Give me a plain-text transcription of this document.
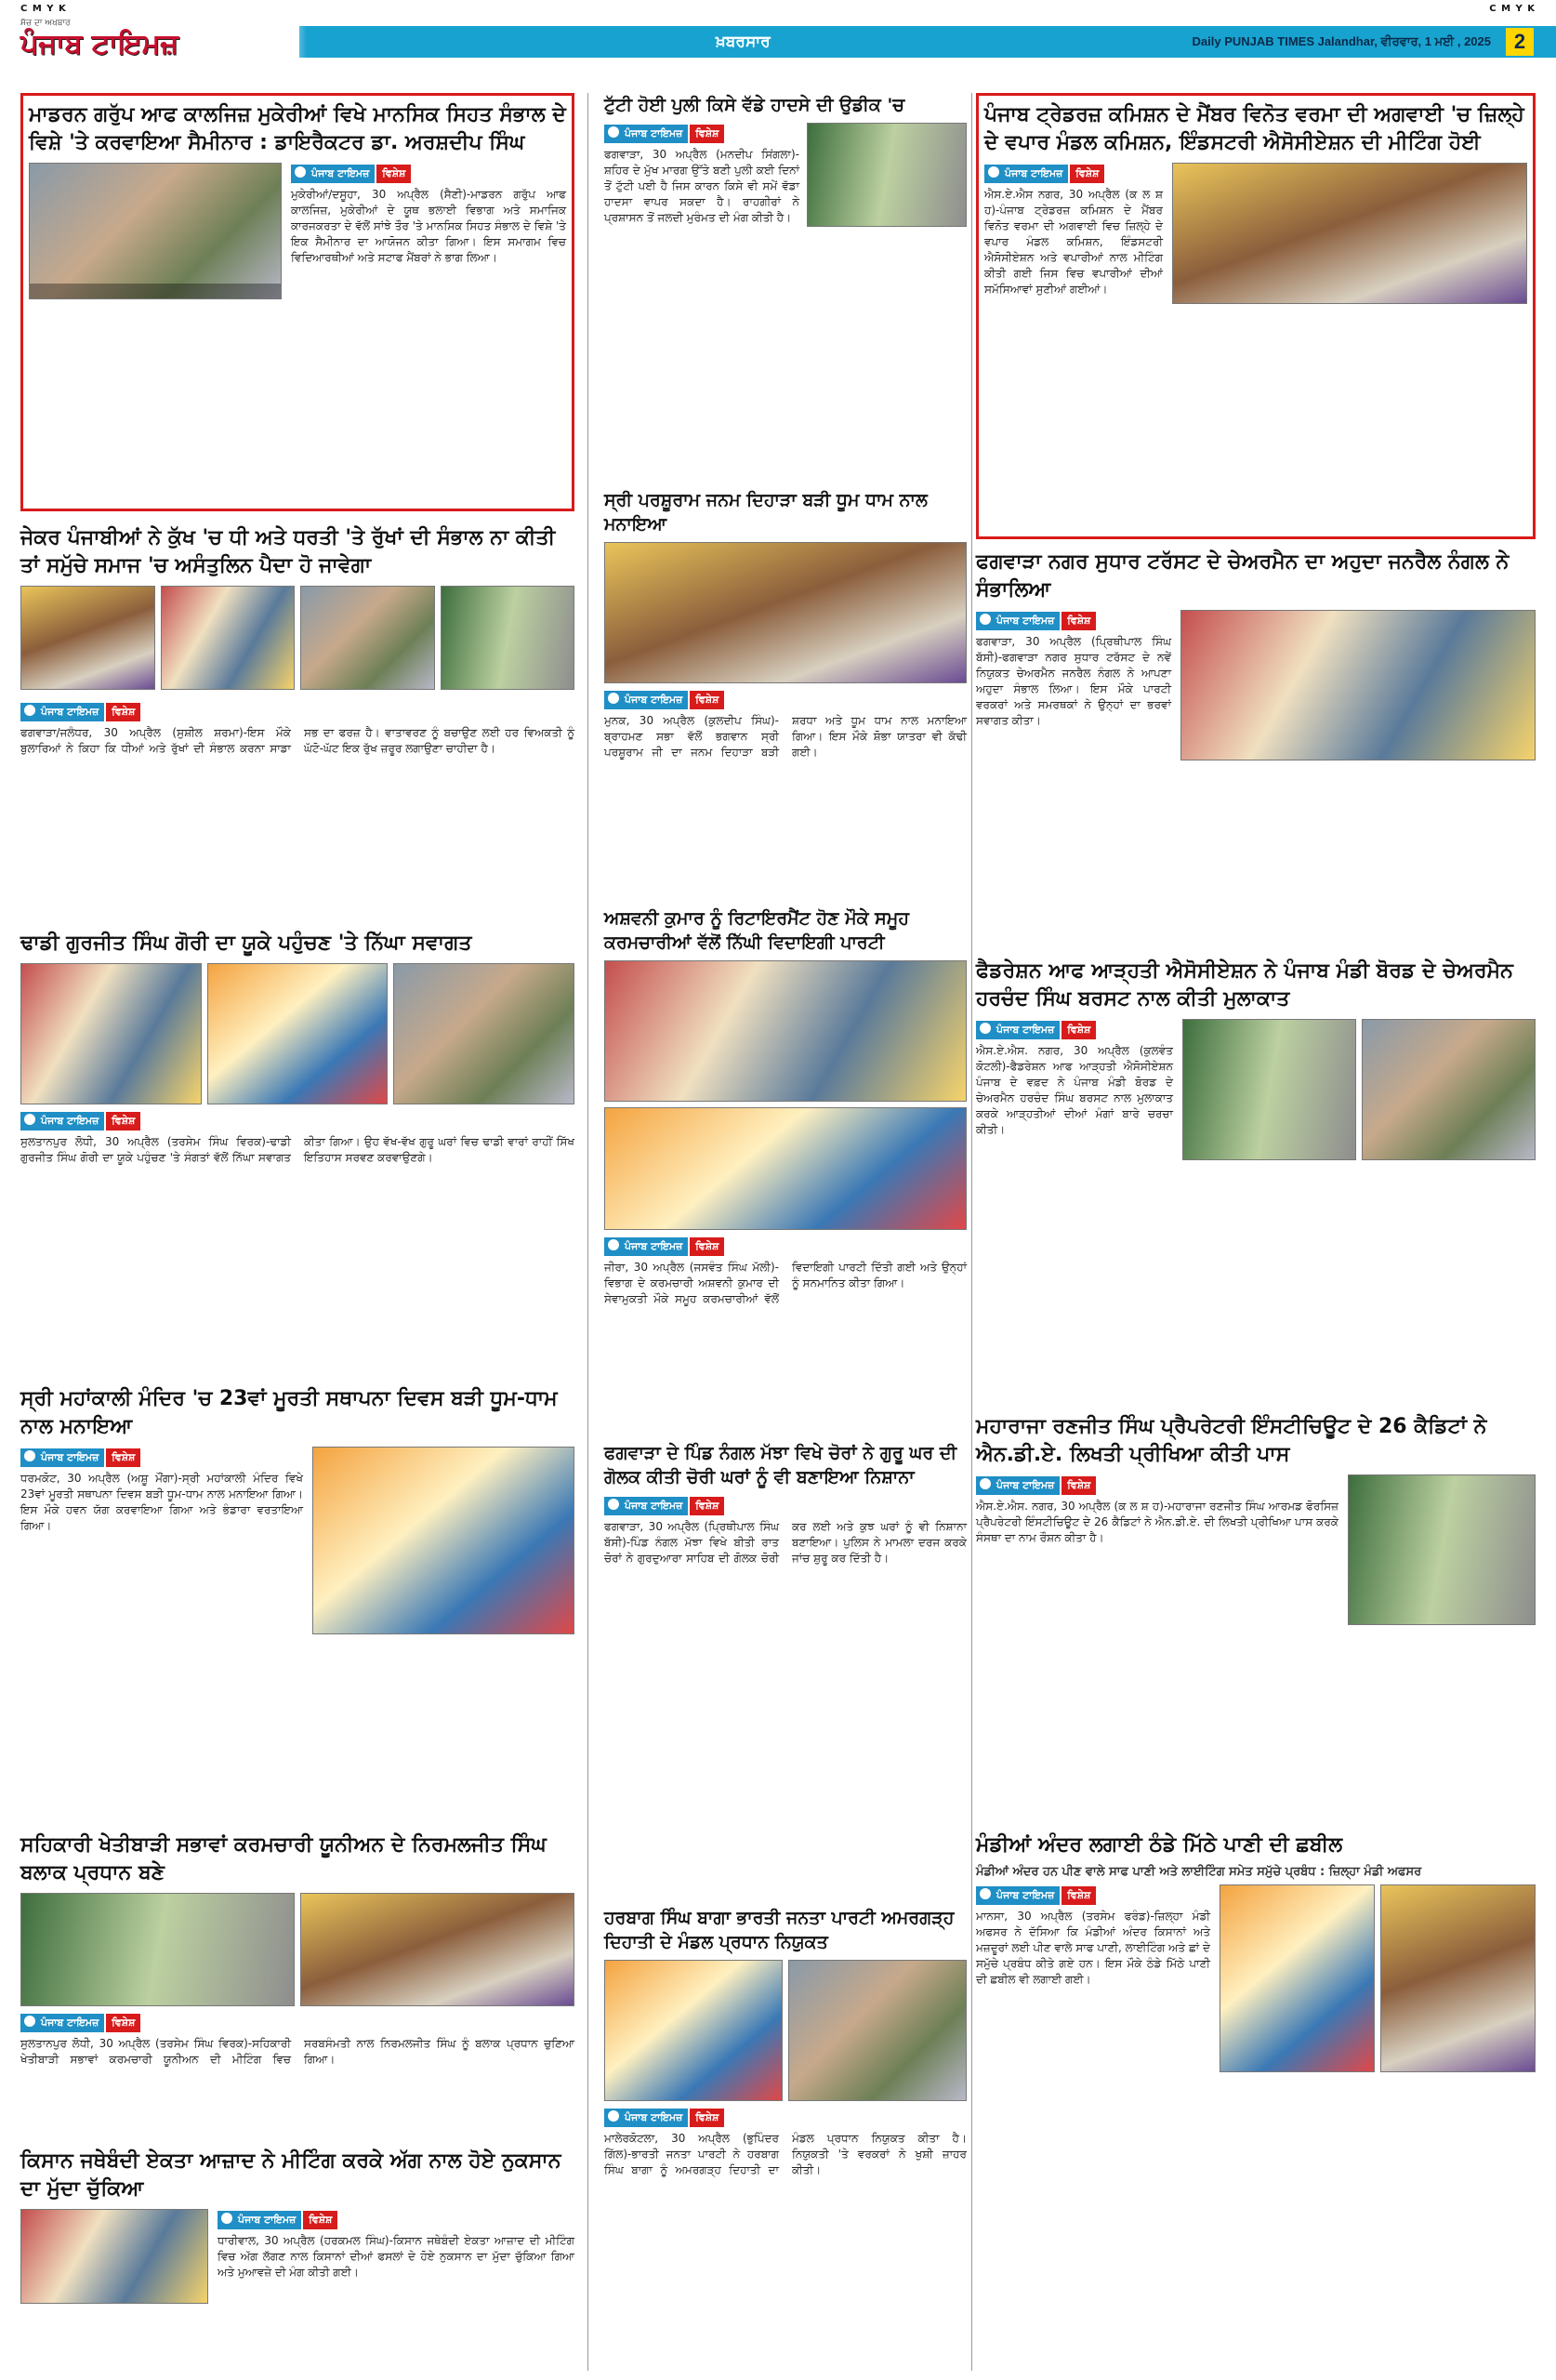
C M Y K	C M Y K
ਖ਼ਬਰਸਾਰ	Daily PUNJAB TIMES Jalandhar, ਵੀਰਵਾਰ, 1 ਮਈ , 2025	2
ਸੱਚ ਦਾ ਅਖਬਾਰ
ਪੰਜਾਬ ਟਾਇਮਜ਼
ਮਾਡਰਨ ਗਰੁੱਪ ਆਫ ਕਾਲਜਿਜ਼ ਮੁਕੇਰੀਆਂ ਵਿਖੇ ਮਾਨਸਿਕ ਸਿਹਤ ਸੰਭਾਲ ਦੇ ਵਿਸ਼ੇ 'ਤੇ ਕਰਵਾਇਆ ਸੈਮੀਨਾਰ : ਡਾਇਰੈਕਟਰ ਡਾ. ਅਰਸ਼ਦੀਪ ਸਿੰਘ
ਪੰਜਾਬ ਟਾਇਮਜ਼	ਵਿਸ਼ੇਸ਼
ਮੁਕੇਰੀਆਂ/ਦਸੂਹਾ, 30 ਅਪ੍ਰੈਲ (ਸੈਣੀ)-ਮਾਡਰਨ ਗਰੁੱਪ ਆਫ ਕਾਲਜਿਜ਼, ਮੁਕੇਰੀਆਂ ਦੇ ਯੂਥ ਭਲਾਈ ਵਿਭਾਗ ਅਤੇ ਸਮਾਜਿਕ ਕਾਰਜਕਰਤਾ ਦੇ ਵੱਲੋਂ ਸਾਂਝੇ ਤੌਰ 'ਤੇ ਮਾਨਸਿਕ ਸਿਹਤ ਸੰਭਾਲ ਦੇ ਵਿਸ਼ੇ 'ਤੇ ਇਕ ਸੈਮੀਨਾਰ ਦਾ ਆਯੋਜਨ ਕੀਤਾ ਗਿਆ। ਇਸ ਸਮਾਗਮ ਵਿਚ ਵਿਦਿਆਰਥੀਆਂ ਅਤੇ ਸਟਾਫ ਮੈਂਬਰਾਂ ਨੇ ਭਾਗ ਲਿਆ।
ਜੇਕਰ ਪੰਜਾਬੀਆਂ ਨੇ ਕੁੱਖ 'ਚ ਧੀ ਅਤੇ ਧਰਤੀ 'ਤੇ ਰੁੱਖਾਂ ਦੀ ਸੰਭਾਲ ਨਾ ਕੀਤੀ ਤਾਂ ਸਮੁੱਚੇ ਸਮਾਜ 'ਚ ਅਸੰਤੁਲਿਨ ਪੈਦਾ ਹੋ ਜਾਵੇਗਾ
ਪੰਜਾਬ ਟਾਇਮਜ਼	ਵਿਸ਼ੇਸ਼
ਫਗਵਾੜਾ/ਜਲੰਧਰ, 30 ਅਪ੍ਰੈਲ (ਸੁਸ਼ੀਲ ਸ਼ਰਮਾ)-ਇਸ ਮੌਕੇ ਬੁਲਾਰਿਆਂ ਨੇ ਕਿਹਾ ਕਿ ਧੀਆਂ ਅਤੇ ਰੁੱਖਾਂ ਦੀ ਸੰਭਾਲ ਕਰਨਾ ਸਾਡਾ ਸਭ ਦਾ ਫਰਜ਼ ਹੈ। ਵਾਤਾਵਰਣ ਨੂੰ ਬਚਾਉਣ ਲਈ ਹਰ ਵਿਅਕਤੀ ਨੂੰ ਘੱਟੋ-ਘੱਟ ਇਕ ਰੁੱਖ ਜ਼ਰੂਰ ਲਗਾਉਣਾ ਚਾਹੀਦਾ ਹੈ।
ਢਾਡੀ ਗੁਰਜੀਤ ਸਿੰਘ ਗੋਰੀ ਦਾ ਯੂਕੇ ਪਹੁੰਚਣ 'ਤੇ ਨਿੱਘਾ ਸਵਾਗਤ
ਪੰਜਾਬ ਟਾਇਮਜ਼	ਵਿਸ਼ੇਸ਼
ਸੁਲਤਾਨਪੁਰ ਲੋਧੀ, 30 ਅਪ੍ਰੈਲ (ਤਰਸੇਮ ਸਿੰਘ ਵਿਰਕ)-ਢਾਡੀ ਗੁਰਜੀਤ ਸਿੰਘ ਗੋਰੀ ਦਾ ਯੂਕੇ ਪਹੁੰਚਣ 'ਤੇ ਸੰਗਤਾਂ ਵੱਲੋਂ ਨਿੱਘਾ ਸਵਾਗਤ ਕੀਤਾ ਗਿਆ। ਉਹ ਵੱਖ-ਵੱਖ ਗੁਰੂ ਘਰਾਂ ਵਿਚ ਢਾਡੀ ਵਾਰਾਂ ਰਾਹੀਂ ਸਿੱਖ ਇਤਿਹਾਸ ਸਰਵਣ ਕਰਵਾਉਣਗੇ।
ਸ੍ਰੀ ਮਹਾਂਕਾਲੀ ਮੰਦਿਰ 'ਚ 23ਵਾਂ ਮੂਰਤੀ ਸਥਾਪਨਾ ਦਿਵਸ ਬੜੀ ਧੂਮ-ਧਾਮ ਨਾਲ ਮਨਾਇਆ
ਪੰਜਾਬ ਟਾਇਮਜ਼	ਵਿਸ਼ੇਸ਼
ਧਰਮਕੋਟ, 30 ਅਪ੍ਰੈਲ (ਅਸ਼ੂ ਮੌਂਗਾ)-ਸ੍ਰੀ ਮਹਾਂਕਾਲੀ ਮੰਦਿਰ ਵਿਖੇ 23ਵਾਂ ਮੂਰਤੀ ਸਥਾਪਨਾ ਦਿਵਸ ਬੜੀ ਧੂਮ-ਧਾਮ ਨਾਲ ਮਨਾਇਆ ਗਿਆ। ਇਸ ਮੌਕੇ ਹਵਨ ਯੱਗ ਕਰਵਾਇਆ ਗਿਆ ਅਤੇ ਭੰਡਾਰਾ ਵਰਤਾਇਆ ਗਿਆ।
ਸਹਿਕਾਰੀ ਖੇਤੀਬਾੜੀ ਸਭਾਵਾਂ ਕਰਮਚਾਰੀ ਯੂਨੀਅਨ ਦੇ ਨਿਰਮਲਜੀਤ ਸਿੰਘ ਬਲਾਕ ਪ੍ਰਧਾਨ ਬਣੇ
ਪੰਜਾਬ ਟਾਇਮਜ਼	ਵਿਸ਼ੇਸ਼
ਸੁਲਤਾਨਪੁਰ ਲੋਧੀ, 30 ਅਪ੍ਰੈਲ (ਤਰਸੇਮ ਸਿੰਘ ਵਿਰਕ)-ਸਹਿਕਾਰੀ ਖੇਤੀਬਾੜੀ ਸਭਾਵਾਂ ਕਰਮਚਾਰੀ ਯੂਨੀਅਨ ਦੀ ਮੀਟਿੰਗ ਵਿਚ ਸਰਬਸੰਮਤੀ ਨਾਲ ਨਿਰਮਲਜੀਤ ਸਿੰਘ ਨੂੰ ਬਲਾਕ ਪ੍ਰਧਾਨ ਚੁਣਿਆ ਗਿਆ।
ਕਿਸਾਨ ਜਥੇਬੰਦੀ ਏਕਤਾ ਆਜ਼ਾਦ ਨੇ ਮੀਟਿੰਗ ਕਰਕੇ ਅੱਗ ਨਾਲ ਹੋਏ ਨੁਕਸਾਨ ਦਾ ਮੁੱਦਾ ਚੁੱਕਿਆ
ਪੰਜਾਬ ਟਾਇਮਜ਼	ਵਿਸ਼ੇਸ਼
ਧਾਰੀਵਾਲ, 30 ਅਪ੍ਰੈਲ (ਹਰਕਮਲ ਸਿੰਘ)-ਕਿਸਾਨ ਜਥੇਬੰਦੀ ਏਕਤਾ ਆਜ਼ਾਦ ਦੀ ਮੀਟਿੰਗ ਵਿਚ ਅੱਗ ਲੱਗਣ ਨਾਲ ਕਿਸਾਨਾਂ ਦੀਆਂ ਫਸਲਾਂ ਦੇ ਹੋਏ ਨੁਕਸਾਨ ਦਾ ਮੁੱਦਾ ਚੁੱਕਿਆ ਗਿਆ ਅਤੇ ਮੁਆਵਜ਼ੇ ਦੀ ਮੰਗ ਕੀਤੀ ਗਈ।
ਟੁੱਟੀ ਹੋਈ ਪੁਲੀ ਕਿਸੇ ਵੱਡੇ ਹਾਦਸੇ ਦੀ ਉਡੀਕ 'ਚ
ਪੰਜਾਬ ਟਾਇਮਜ਼	ਵਿਸ਼ੇਸ਼
ਫਗਵਾੜਾ, 30 ਅਪ੍ਰੈਲ (ਮਨਦੀਪ ਸਿਂਗਲਾ)-ਸ਼ਹਿਰ ਦੇ ਮੁੱਖ ਮਾਰਗ ਉੱਤੇ ਬਣੀ ਪੁਲੀ ਕਈ ਦਿਨਾਂ ਤੋਂ ਟੁੱਟੀ ਪਈ ਹੈ ਜਿਸ ਕਾਰਨ ਕਿਸੇ ਵੀ ਸਮੇਂ ਵੱਡਾ ਹਾਦਸਾ ਵਾਪਰ ਸਕਦਾ ਹੈ। ਰਾਹਗੀਰਾਂ ਨੇ ਪ੍ਰਸ਼ਾਸਨ ਤੋਂ ਜਲਦੀ ਮੁਰੰਮਤ ਦੀ ਮੰਗ ਕੀਤੀ ਹੈ।
ਸ੍ਰੀ ਪਰਸ਼ੂਰਾਮ ਜਨਮ ਦਿਹਾੜਾ ਬੜੀ ਧੂਮ ਧਾਮ ਨਾਲ ਮਨਾਇਆ
ਪੰਜਾਬ ਟਾਇਮਜ਼	ਵਿਸ਼ੇਸ਼
ਮੁਨਕ, 30 ਅਪ੍ਰੈਲ (ਕੁਲਦੀਪ ਸਿੰਘ)-ਬ੍ਰਾਹਮਣ ਸਭਾ ਵੱਲੋਂ ਭਗਵਾਨ ਸ੍ਰੀ ਪਰਸ਼ੂਰਾਮ ਜੀ ਦਾ ਜਨਮ ਦਿਹਾੜਾ ਬੜੀ ਸ਼ਰਧਾ ਅਤੇ ਧੂਮ ਧਾਮ ਨਾਲ ਮਨਾਇਆ ਗਿਆ। ਇਸ ਮੌਕੇ ਸ਼ੋਭਾ ਯਾਤਰਾ ਵੀ ਕੱਢੀ ਗਈ।
ਅਸ਼ਵਨੀ ਕੁਮਾਰ ਨੂੰ ਰਿਟਾਇਰਮੈਂਟ ਹੋਣ ਮੌਕੇ ਸਮੂਹ ਕਰਮਚਾਰੀਆਂ ਵੱਲੋਂ ਨਿੱਘੀ ਵਿਦਾਇਗੀ ਪਾਰਟੀ
ਪੰਜਾਬ ਟਾਇਮਜ਼	ਵਿਸ਼ੇਸ਼
ਜੀਰਾ, 30 ਅਪ੍ਰੈਲ (ਜਸਵੰਤ ਸਿੰਘ ਮੱਲੀ)-ਵਿਭਾਗ ਦੇ ਕਰਮਚਾਰੀ ਅਸ਼ਵਨੀ ਕੁਮਾਰ ਦੀ ਸੇਵਾਮੁਕਤੀ ਮੌਕੇ ਸਮੂਹ ਕਰਮਚਾਰੀਆਂ ਵੱਲੋਂ ਵਿਦਾਇਗੀ ਪਾਰਟੀ ਦਿੱਤੀ ਗਈ ਅਤੇ ਉਨ੍ਹਾਂ ਨੂੰ ਸਨਮਾਨਿਤ ਕੀਤਾ ਗਿਆ।
ਫਗਵਾੜਾ ਦੇ ਪਿੰਡ ਨੰਗਲ ਮੱਝਾ ਵਿਖੇ ਚੋਰਾਂ ਨੇ ਗੁਰੂ ਘਰ ਦੀ ਗੋਲਕ ਕੀਤੀ ਚੋਰੀ ਘਰਾਂ ਨੂੰ ਵੀ ਬਣਾਇਆ ਨਿਸ਼ਾਨਾ
ਪੰਜਾਬ ਟਾਇਮਜ਼	ਵਿਸ਼ੇਸ਼
ਫਗਵਾੜਾ, 30 ਅਪ੍ਰੈਲ (ਪ੍ਰਿਥੀਪਾਲ ਸਿੰਘ ਬੱਸੀ)-ਪਿੰਡ ਨੰਗਲ ਮੱਝਾ ਵਿਖੇ ਬੀਤੀ ਰਾਤ ਚੋਰਾਂ ਨੇ ਗੁਰਦੁਆਰਾ ਸਾਹਿਬ ਦੀ ਗੋਲਕ ਚੋਰੀ ਕਰ ਲਈ ਅਤੇ ਕੁਝ ਘਰਾਂ ਨੂੰ ਵੀ ਨਿਸ਼ਾਨਾ ਬਣਾਇਆ। ਪੁਲਿਸ ਨੇ ਮਾਮਲਾ ਦਰਜ ਕਰਕੇ ਜਾਂਚ ਸ਼ੁਰੂ ਕਰ ਦਿੱਤੀ ਹੈ।
ਹਰਬਾਗ ਸਿੰਘ ਬਾਗਾ ਭਾਰਤੀ ਜਨਤਾ ਪਾਰਟੀ ਅਮਰਗੜ੍ਹ ਦਿਹਾਤੀ ਦੇ ਮੰਡਲ ਪ੍ਰਧਾਨ ਨਿਯੁਕਤ
ਪੰਜਾਬ ਟਾਇਮਜ਼	ਵਿਸ਼ੇਸ਼
ਮਾਲੇਰਕੋਟਲਾ, 30 ਅਪ੍ਰੈਲ (ਭੁਪਿੰਦਰ ਗਿੱਲ)-ਭਾਰਤੀ ਜਨਤਾ ਪਾਰਟੀ ਨੇ ਹਰਬਾਗ ਸਿੰਘ ਬਾਗਾ ਨੂੰ ਅਮਰਗੜ੍ਹ ਦਿਹਾਤੀ ਦਾ ਮੰਡਲ ਪ੍ਰਧਾਨ ਨਿਯੁਕਤ ਕੀਤਾ ਹੈ। ਨਿਯੁਕਤੀ 'ਤੇ ਵਰਕਰਾਂ ਨੇ ਖੁਸ਼ੀ ਜ਼ਾਹਰ ਕੀਤੀ।
ਪੰਜਾਬ ਟ੍ਰੇਡਰਜ਼ ਕਮਿਸ਼ਨ ਦੇ ਮੈਂਬਰ ਵਿਨੋਤ ਵਰਮਾ ਦੀ ਅਗਵਾਈ 'ਚ ਜ਼ਿਲ੍ਹੇ ਦੇ ਵਪਾਰ ਮੰਡਲ ਕਮਿਸ਼ਨ, ਇੰਡਸਟਰੀ ਐਸੋਸੀਏਸ਼ਨ ਦੀ ਮੀਟਿੰਗ ਹੋਈ
ਪੰਜਾਬ ਟਾਇਮਜ਼	ਵਿਸ਼ੇਸ਼
ਐਸ.ਏ.ਐਸ ਨਗਰ, 30 ਅਪ੍ਰੈਲ (ਕ ਲ ਸ਼ ਹ)-ਪੰਜਾਬ ਟ੍ਰੇਡਰਜ਼ ਕਮਿਸ਼ਨ ਦੇ ਮੈਂਬਰ ਵਿਨੋਤ ਵਰਮਾ ਦੀ ਅਗਵਾਈ ਵਿਚ ਜ਼ਿਲ੍ਹੇ ਦੇ ਵਪਾਰ ਮੰਡਲ ਕਮਿਸ਼ਨ, ਇੰਡਸਟਰੀ ਐਸੋਸੀਏਸ਼ਨ ਅਤੇ ਵਪਾਰੀਆਂ ਨਾਲ ਮੀਟਿੰਗ ਕੀਤੀ ਗਈ ਜਿਸ ਵਿਚ ਵਪਾਰੀਆਂ ਦੀਆਂ ਸਮੱਸਿਆਵਾਂ ਸੁਣੀਆਂ ਗਈਆਂ।
ਫਗਵਾੜਾ ਨਗਰ ਸੁਧਾਰ ਟਰੱਸਟ ਦੇ ਚੇਅਰਮੈਨ ਦਾ ਅਹੁਦਾ ਜਨਰੈਲ ਨੰਗਲ ਨੇ ਸੰਭਾਲਿਆ
ਪੰਜਾਬ ਟਾਇਮਜ਼	ਵਿਸ਼ੇਸ਼
ਫਗਵਾੜਾ, 30 ਅਪ੍ਰੈਲ (ਪ੍ਰਿਥੀਪਾਲ ਸਿੰਘ ਬੱਸੀ)-ਫਗਵਾੜਾ ਨਗਰ ਸੁਧਾਰ ਟਰੱਸਟ ਦੇ ਨਵੇਂ ਨਿਯੁਕਤ ਚੇਅਰਮੈਨ ਜਨਰੈਲ ਨੰਗਲ ਨੇ ਆਪਣਾ ਅਹੁਦਾ ਸੰਭਾਲ ਲਿਆ। ਇਸ ਮੌਕੇ ਪਾਰਟੀ ਵਰਕਰਾਂ ਅਤੇ ਸਮਰਥਕਾਂ ਨੇ ਉਨ੍ਹਾਂ ਦਾ ਭਰਵਾਂ ਸਵਾਗਤ ਕੀਤਾ।
ਫੈਡਰੇਸ਼ਨ ਆਫ ਆੜ੍ਹਤੀ ਐਸੋਸੀਏਸ਼ਨ ਨੇ ਪੰਜਾਬ ਮੰਡੀ ਬੋਰਡ ਦੇ ਚੇਅਰਮੈਨ ਹਰਚੰਦ ਸਿੰਘ ਬਰਸਟ ਨਾਲ ਕੀਤੀ ਮੁਲਾਕਾਤ
ਪੰਜਾਬ ਟਾਇਮਜ਼	ਵਿਸ਼ੇਸ਼
ਐਸ.ਏ.ਐਸ. ਨਗਰ, 30 ਅਪ੍ਰੈਲ (ਕੁਲਵੰਤ ਕੋਟਲੀ)-ਫੈਡਰੇਸ਼ਨ ਆਫ ਆੜ੍ਹਤੀ ਐਸੋਸੀਏਸ਼ਨ ਪੰਜਾਬ ਦੇ ਵਫ਼ਦ ਨੇ ਪੰਜਾਬ ਮੰਡੀ ਬੋਰਡ ਦੇ ਚੇਅਰਮੈਨ ਹਰਚੰਦ ਸਿੰਘ ਬਰਸਟ ਨਾਲ ਮੁਲਾਕਾਤ ਕਰਕੇ ਆੜ੍ਹਤੀਆਂ ਦੀਆਂ ਮੰਗਾਂ ਬਾਰੇ ਚਰਚਾ ਕੀਤੀ।
ਮਹਾਰਾਜਾ ਰਣਜੀਤ ਸਿੰਘ ਪ੍ਰੈਪਰੇਟਰੀ ਇੰਸਟੀਚਿਊਟ ਦੇ 26 ਕੈਡਿਟਾਂ ਨੇ ਐਨ.ਡੀ.ਏ. ਲਿਖਤੀ ਪ੍ਰੀਖਿਆ ਕੀਤੀ ਪਾਸ
ਪੰਜਾਬ ਟਾਇਮਜ਼	ਵਿਸ਼ੇਸ਼
ਐਸ.ਏ.ਐਸ. ਨਗਰ, 30 ਅਪ੍ਰੈਲ (ਕ ਲ ਸ਼ ਹ)-ਮਹਾਰਾਜਾ ਰਣਜੀਤ ਸਿੰਘ ਆਰਮਡ ਫੋਰਸਿਜ਼ ਪ੍ਰੈਪਰੇਟਰੀ ਇੰਸਟੀਚਿਊਟ ਦੇ 26 ਕੈਡਿਟਾਂ ਨੇ ਐਨ.ਡੀ.ਏ. ਦੀ ਲਿਖਤੀ ਪ੍ਰੀਖਿਆ ਪਾਸ ਕਰਕੇ ਸੰਸਥਾ ਦਾ ਨਾਮ ਰੌਸ਼ਨ ਕੀਤਾ ਹੈ।
ਮੰਡੀਆਂ ਅੰਦਰ ਲਗਾਈ ਠੰਡੇ ਮਿੱਠੇ ਪਾਣੀ ਦੀ ਛਬੀਲ
ਮੰਡੀਆਂ ਅੰਦਰ ਹਨ ਪੀਣ ਵਾਲੇ ਸਾਫ ਪਾਣੀ ਅਤੇ ਲਾਈਟਿੰਗ ਸਮੇਤ ਸਮੁੱਚੇ ਪ੍ਰਬੰਧ : ਜ਼ਿਲ੍ਹਾ ਮੰਡੀ ਅਫਸਰ
ਪੰਜਾਬ ਟਾਇਮਜ਼	ਵਿਸ਼ੇਸ਼
ਮਾਨਸਾ, 30 ਅਪ੍ਰੈਲ (ਤਰਸੇਮ ਫਰੰਡ)-ਜ਼ਿਲ੍ਹਾ ਮੰਡੀ ਅਫਸਰ ਨੇ ਦੱਸਿਆ ਕਿ ਮੰਡੀਆਂ ਅੰਦਰ ਕਿਸਾਨਾਂ ਅਤੇ ਮਜ਼ਦੂਰਾਂ ਲਈ ਪੀਣ ਵਾਲੇ ਸਾਫ ਪਾਣੀ, ਲਾਈਟਿੰਗ ਅਤੇ ਛਾਂ ਦੇ ਸਮੁੱਚੇ ਪ੍ਰਬੰਧ ਕੀਤੇ ਗਏ ਹਨ। ਇਸ ਮੌਕੇ ਠੰਡੇ ਮਿੱਠੇ ਪਾਣੀ ਦੀ ਛਬੀਲ ਵੀ ਲਗਾਈ ਗਈ।
